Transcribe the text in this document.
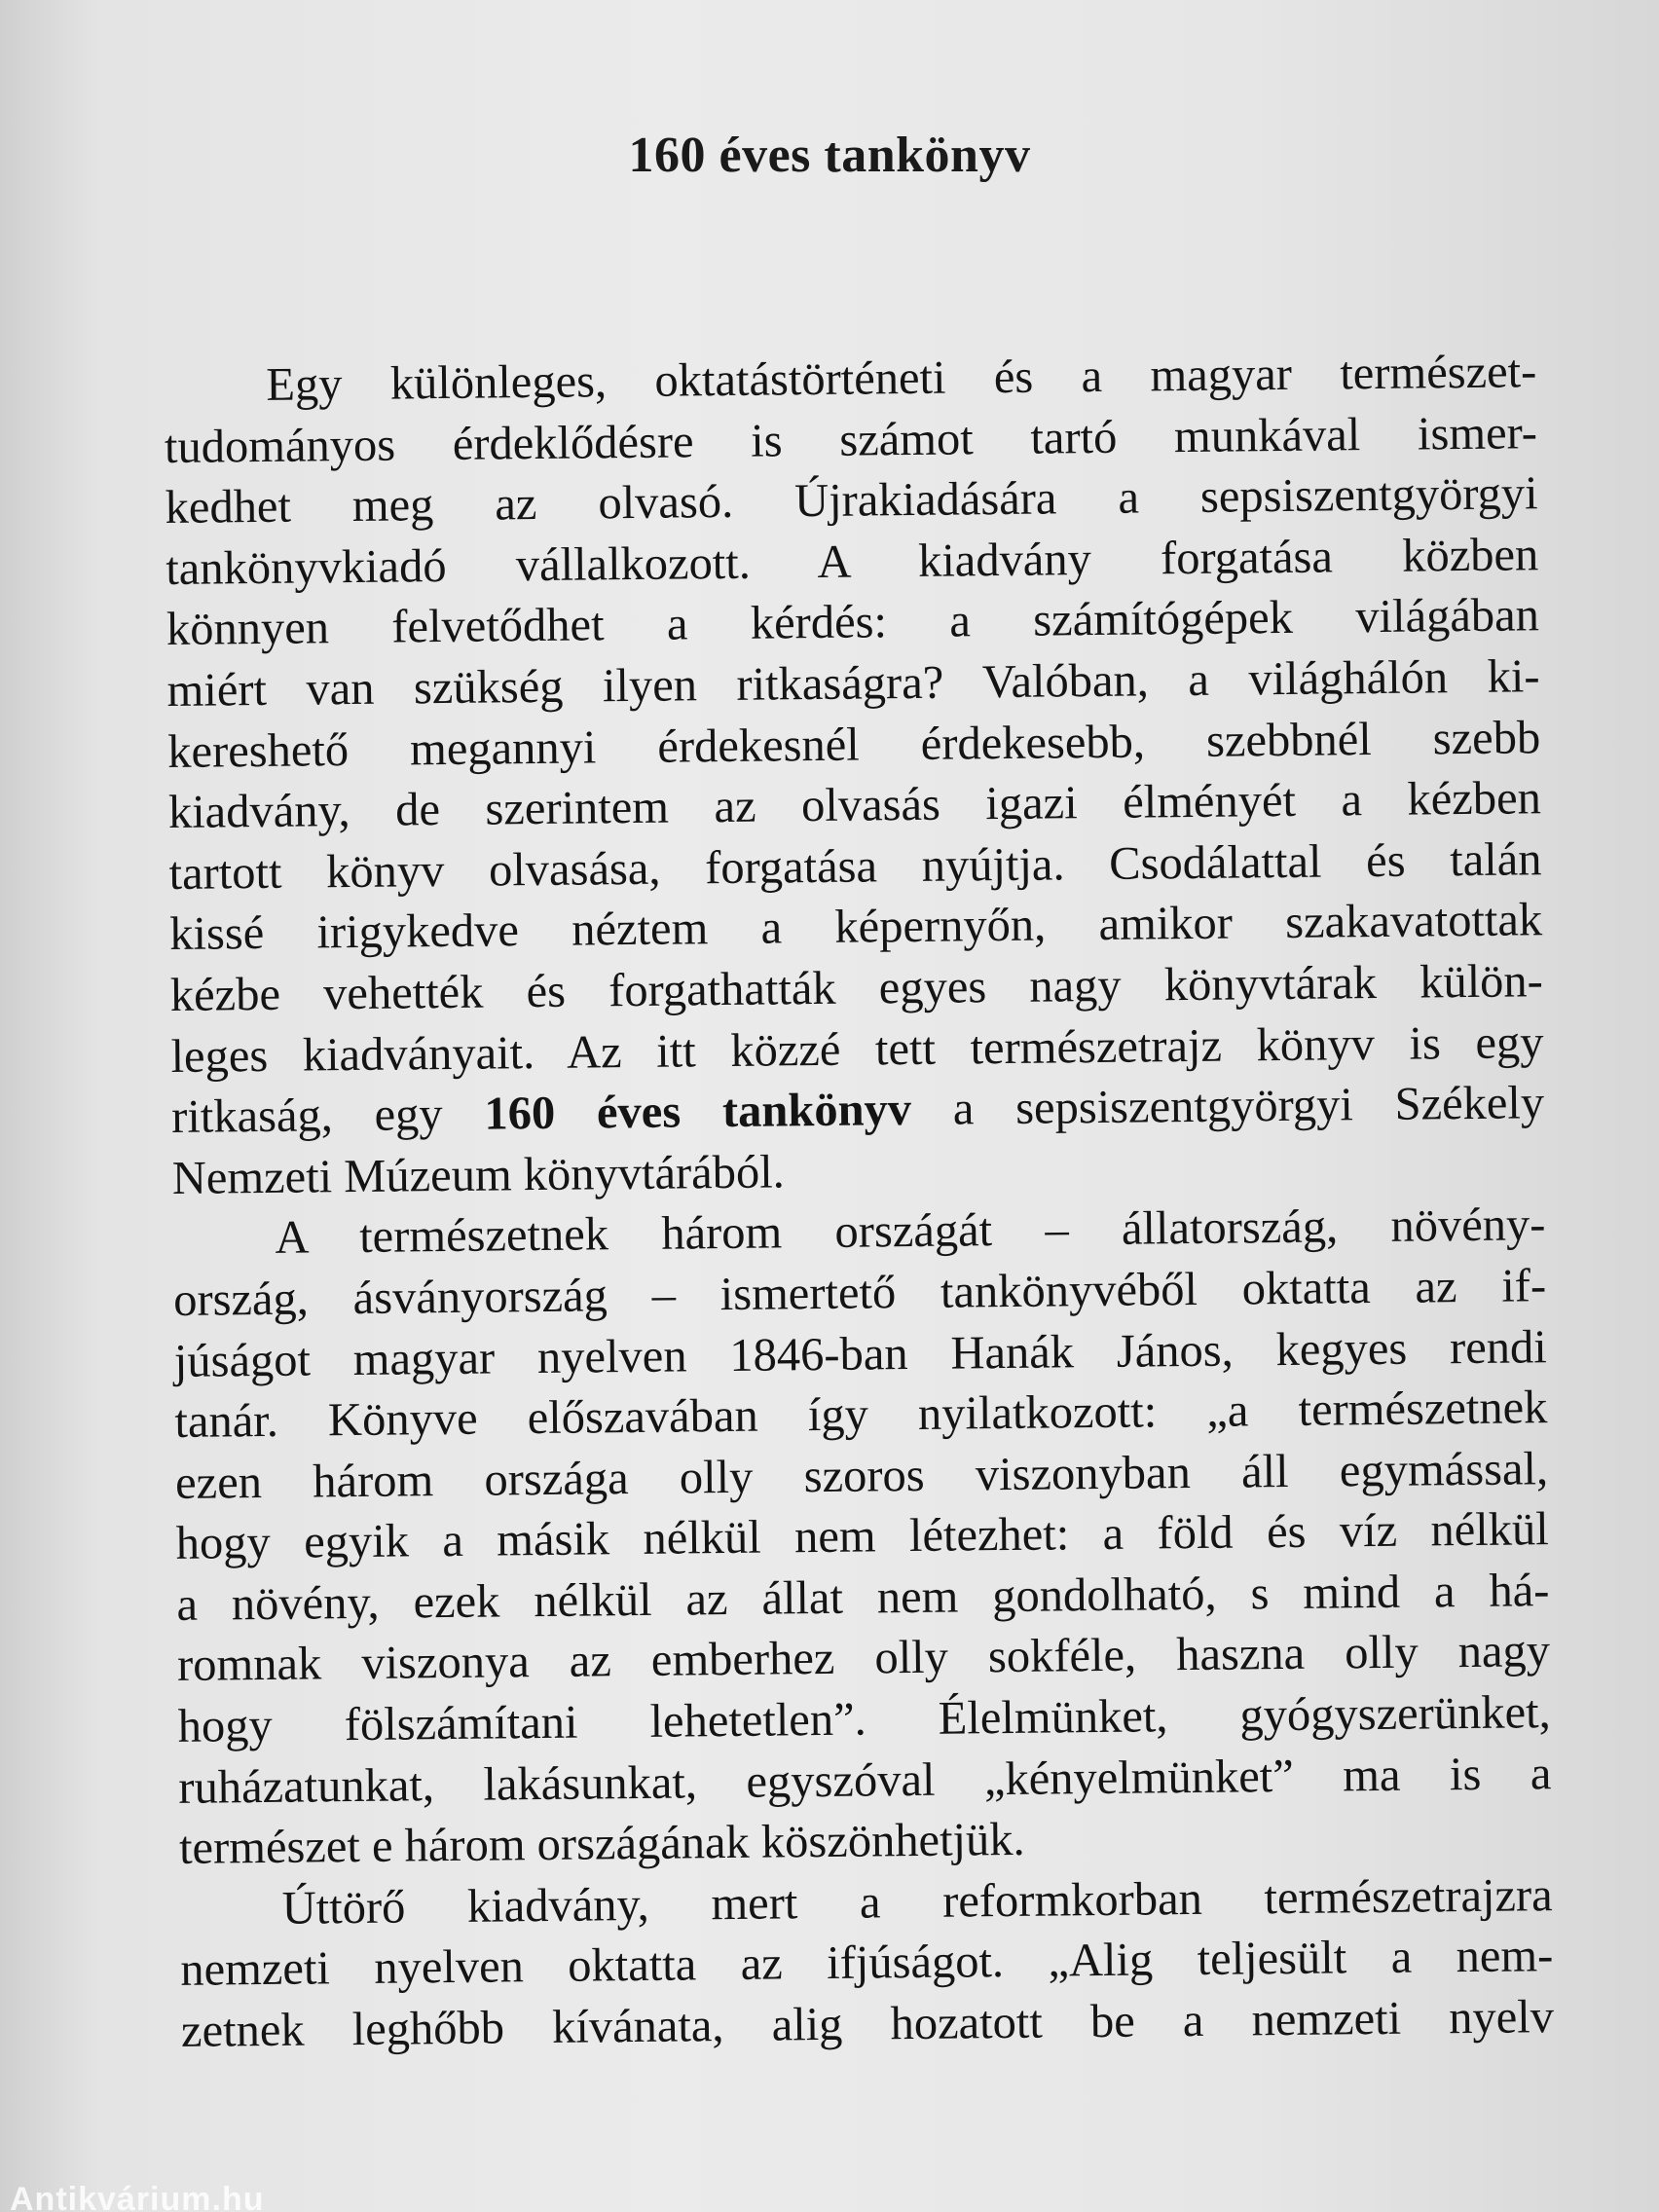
160 éves tankönyv
Egy különleges, oktatástörténeti és a magyar természet-
tudományos érdeklődésre is számot tartó munkával ismer-
kedhet meg az olvasó. Újrakiadására a sepsiszentgyörgyi
tankönyvkiadó vállalkozott. A kiadvány forgatása közben
könnyen felvetődhet a kérdés: a számítógépek világában
miért van szükség ilyen ritkaságra? Valóban, a világhálón ki-
kereshető megannyi érdekesnél érdekesebb, szebbnél szebb
kiadvány, de szerintem az olvasás igazi élményét a kézben
tartott könyv olvasása, forgatása nyújtja. Csodálattal és talán
kissé irigykedve néztem a képernyőn, amikor szakavatottak
kézbe vehették és forgathatták egyes nagy könyvtárak külön-
leges kiadványait. Az itt közzé tett természetrajz könyv is egy
ritkaság, egy 160 éves tankönyv a sepsiszentgyörgyi Székely
Nemzeti Múzeum könyvtárából.
A természetnek három országát – állatország, növény-
ország, ásványország – ismertető tankönyvéből oktatta az if-
júságot magyar nyelven 1846-ban Hanák János, kegyes rendi
tanár. Könyve előszavában így nyilatkozott: „a természetnek
ezen három országa olly szoros viszonyban áll egymással,
hogy egyik a másik nélkül nem létezhet: a föld és víz nélkül
a növény, ezek nélkül az állat nem gondolható, s mind a há-
romnak viszonya az emberhez olly sokféle, haszna olly nagy
hogy fölszámítani lehetetlen”. Élelmünket, gyógyszerünket,
ruházatunkat, lakásunkat, egyszóval „kényelmünket” ma is a
természet e három országának köszönhetjük.
Úttörő kiadvány, mert a reformkorban természetrajzra
nemzeti nyelven oktatta az ifjúságot. „Alig teljesült a nem-
zetnek leghőbb kívánata, alig hozatott be a nemzeti nyelv
Antikvárium.hu
